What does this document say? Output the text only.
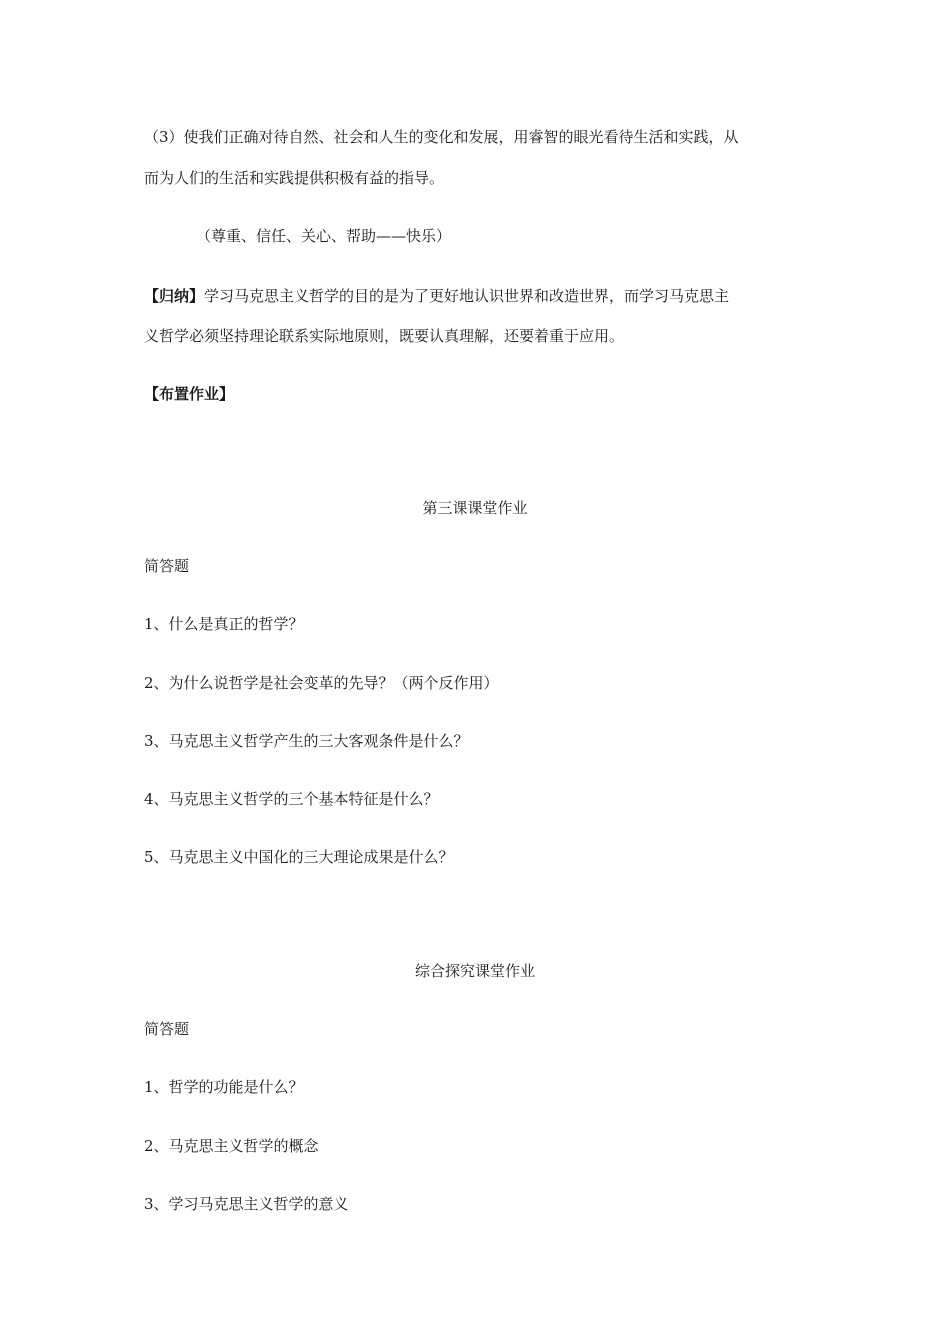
（3）使我们正确对待自然、社会和人生的变化和发展，用睿智的眼光看待生活和实践，从
而为人们的生活和实践提供积极有益的指导。
（尊重、信任、关心、帮助——快乐）
【归纳】学习马克思主义哲学的目的是为了更好地认识世界和改造世界，而学习马克思主
义哲学必须坚持理论联系实际地原则，既要认真理解，还要着重于应用。
【布置作业】
第三课课堂作业
简答题
1、什么是真正的哲学？
2、为什么说哲学是社会变革的先导？（两个反作用）
3、马克思主义哲学产生的三大客观条件是什么？
4、马克思主义哲学的三个基本特征是什么？
5、马克思主义中国化的三大理论成果是什么？
综合探究课堂作业
简答题
1、哲学的功能是什么？
2、马克思主义哲学的概念
3、学习马克思主义哲学的意义
